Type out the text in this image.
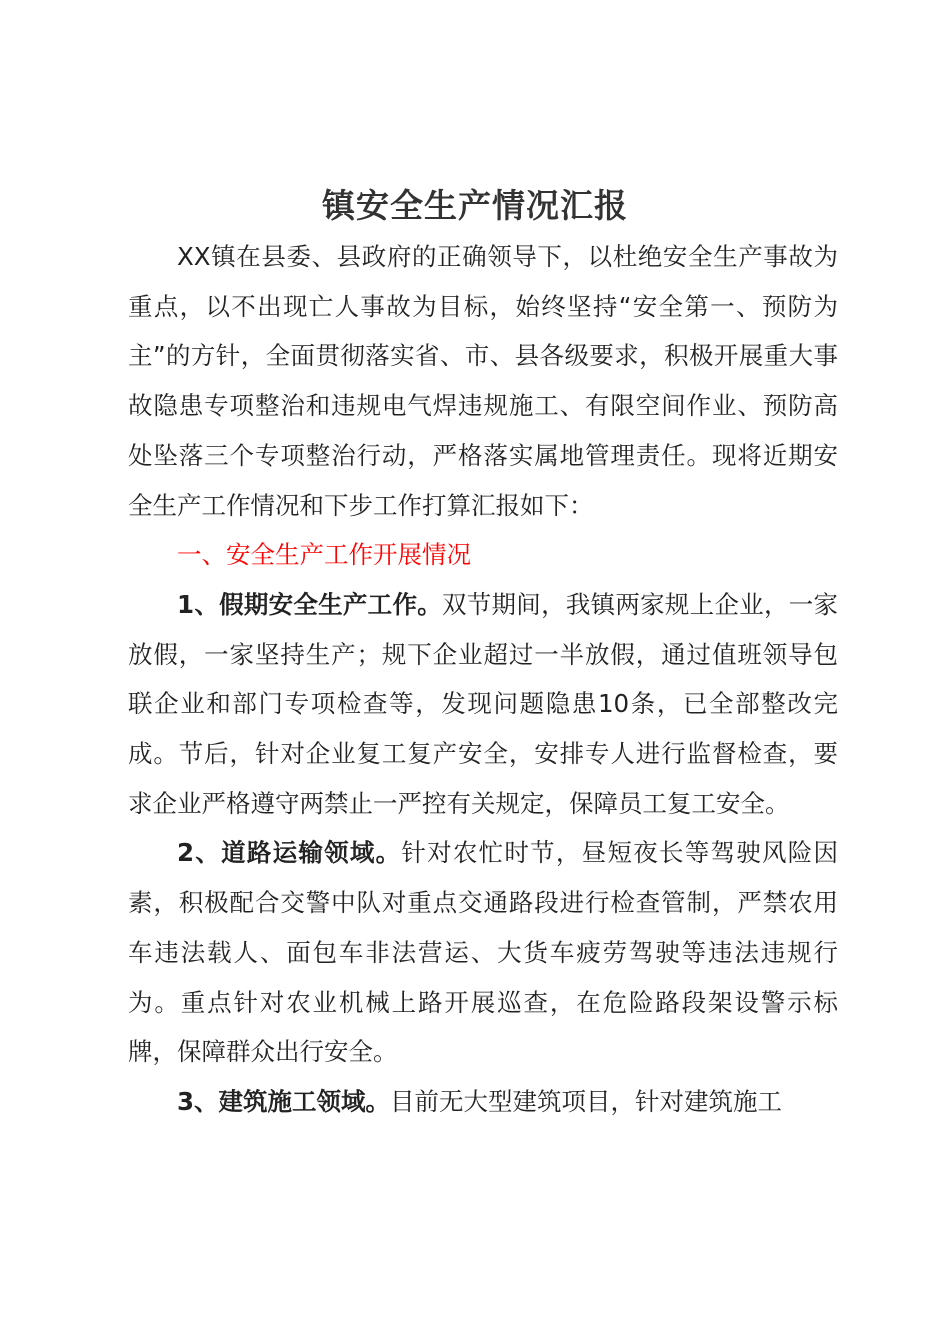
镇安全生产情况汇报

XX镇在县委、县政府的正确领导下，以杜绝安全生产事故为重点，以不出现亡人事故为目标，始终坚持“安全第一、预防为主”的方针，全面贯彻落实省、市、县各级要求，积极开展重大事故隐患专项整治和违规电气焊违规施工、有限空间作业、预防高处坠落三个专项整治行动，严格落实属地管理责任。现将近期安全生产工作情况和下步工作打算汇报如下：

一、安全生产工作开展情况

1、假期安全生产工作。双节期间，我镇两家规上企业，一家放假，一家坚持生产；规下企业超过一半放假，通过值班领导包联企业和部门专项检查等，发现问题隐患10条，已全部整改完成。节后，针对企业复工复产安全，安排专人进行监督检查，要求企业严格遵守两禁止一严控有关规定，保障员工复工安全。

2、道路运输领域。针对农忙时节，昼短夜长等驾驶风险因素，积极配合交警中队对重点交通路段进行检查管制，严禁农用车违法载人、面包车非法营运、大货车疲劳驾驶等违法违规行为。重点针对农业机械上路开展巡查，在危险路段架设警示标牌，保障群众出行安全。

3、建筑施工领域。目前无大型建筑项目，针对建筑施工
